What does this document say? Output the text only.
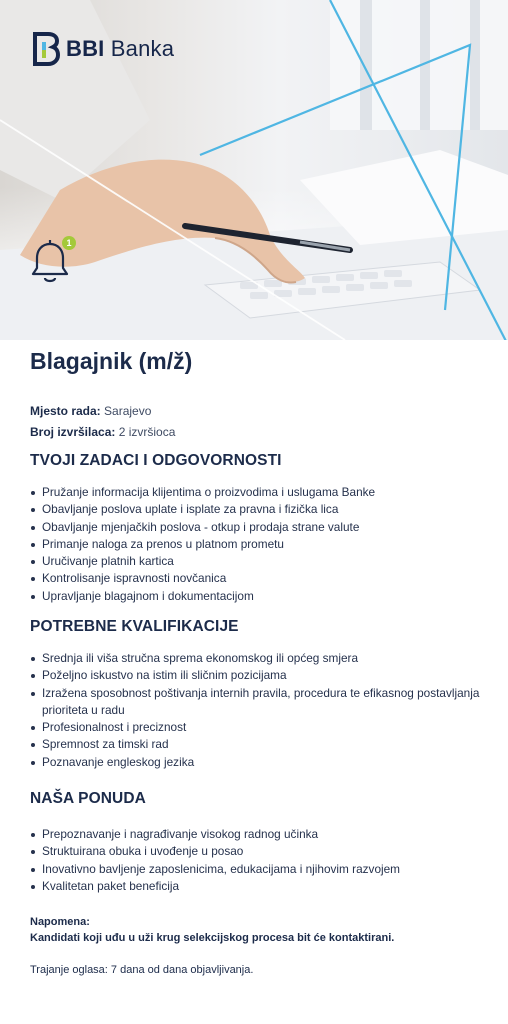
BBI Banka
1
Blagajnik (m/ž)
Mjesto rada: Sarajevo
Broj izvršilaca: 2 izvršioca
TVOJI ZADACI I ODGOVORNOSTI
Pružanje informacija klijentima o proizvodima i uslugama Banke
Obavljanje poslova uplate i isplate za pravna i fizička lica
Obavljanje mjenjačkih poslova - otkup i prodaja strane valute
Primanje naloga za prenos u platnom prometu
Uručivanje platnih kartica
Kontrolisanje ispravnosti novčanica
Upravljanje blagajnom i dokumentacijom
POTREBNE KVALIFIKACIJE
Srednja ili viša stručna sprema ekonomskog ili općeg smjera
Poželjno iskustvo na istim ili sličnim pozicijama
Izražena sposobnost poštivanja internih pravila, procedura te efikasnog postavljanja prioriteta u radu
Profesionalnost i preciznost
Spremnost za timski rad
Poznavanje engleskog jezika
NAŠA PONUDA
Prepoznavanje i nagrađivanje visokog radnog učinka
Struktuirana obuka i uvođenje u posao
Inovativno bavljenje zaposlenicima, edukacijama i njihovim razvojem
Kvalitetan paket beneficija
Napomena:
Kandidati koji uđu u uži krug selekcijskog procesa bit će kontaktirani.
Trajanje oglasa: 7 dana od dana objavljivanja.
